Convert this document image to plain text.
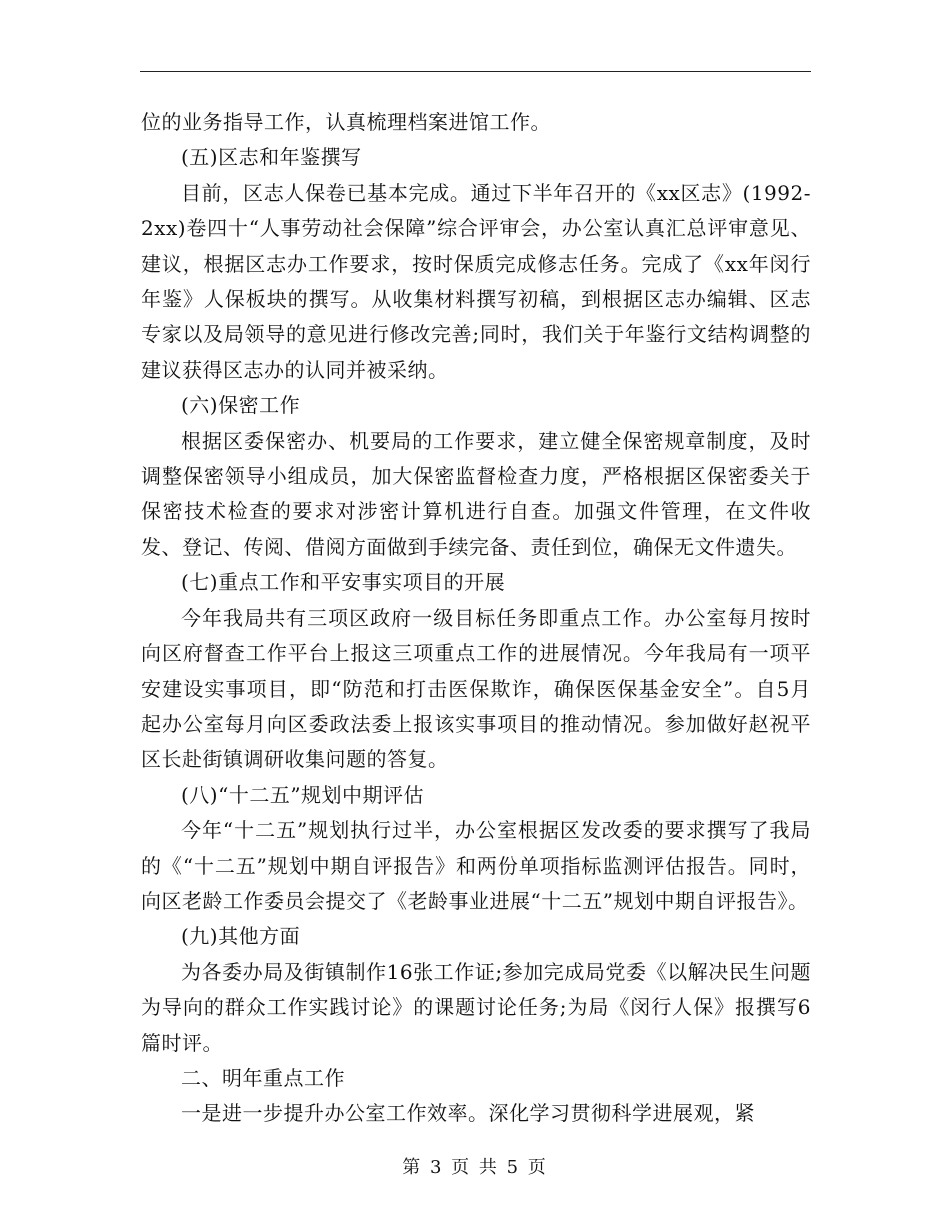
位的业务指导工作，认真梳理档案进馆工作。

(五)区志和年鉴撰写

目前，区志人保卷已基本完成。通过下半年召开的《xx区志》(1992-2xx)卷四十“人事劳动社会保障”综合评审会，办公室认真汇总评审意见、建议，根据区志办工作要求，按时保质完成修志任务。完成了《xx年闵行年鉴》人保板块的撰写。从收集材料撰写初稿，到根据区志办编辑、区志专家以及局领导的意见进行修改完善;同时，我们关于年鉴行文结构调整的建议获得区志办的认同并被采纳。

(六)保密工作

根据区委保密办、机要局的工作要求，建立健全保密规章制度，及时调整保密领导小组成员，加大保密监督检查力度，严格根据区保密委关于保密技术检查的要求对涉密计算机进行自查。加强文件管理，在文件收发、登记、传阅、借阅方面做到手续完备、责任到位，确保无文件遗失。

(七)重点工作和平安事实项目的开展

今年我局共有三项区政府一级目标任务即重点工作。办公室每月按时向区府督查工作平台上报这三项重点工作的进展情况。今年我局有一项平安建设实事项目，即“防范和打击医保欺诈，确保医保基金安全”。自5月起办公室每月向区委政法委上报该实事项目的推动情况。参加做好赵祝平区长赴街镇调研收集问题的答复。

(八)“十二五”规划中期评估

今年“十二五”规划执行过半，办公室根据区发改委的要求撰写了我局的《“十二五”规划中期自评报告》和两份单项指标监测评估报告。同时，向区老龄工作委员会提交了《老龄事业进展“十二五”规划中期自评报告》。

(九)其他方面

为各委办局及街镇制作16张工作证;参加完成局党委《以解决民生问题为导向的群众工作实践讨论》的课题讨论任务;为局《闵行人保》报撰写6篇时评。

二、明年重点工作

一是进一步提升办公室工作效率。深化学习贯彻科学进展观，紧

第 3 页 共 5 页
